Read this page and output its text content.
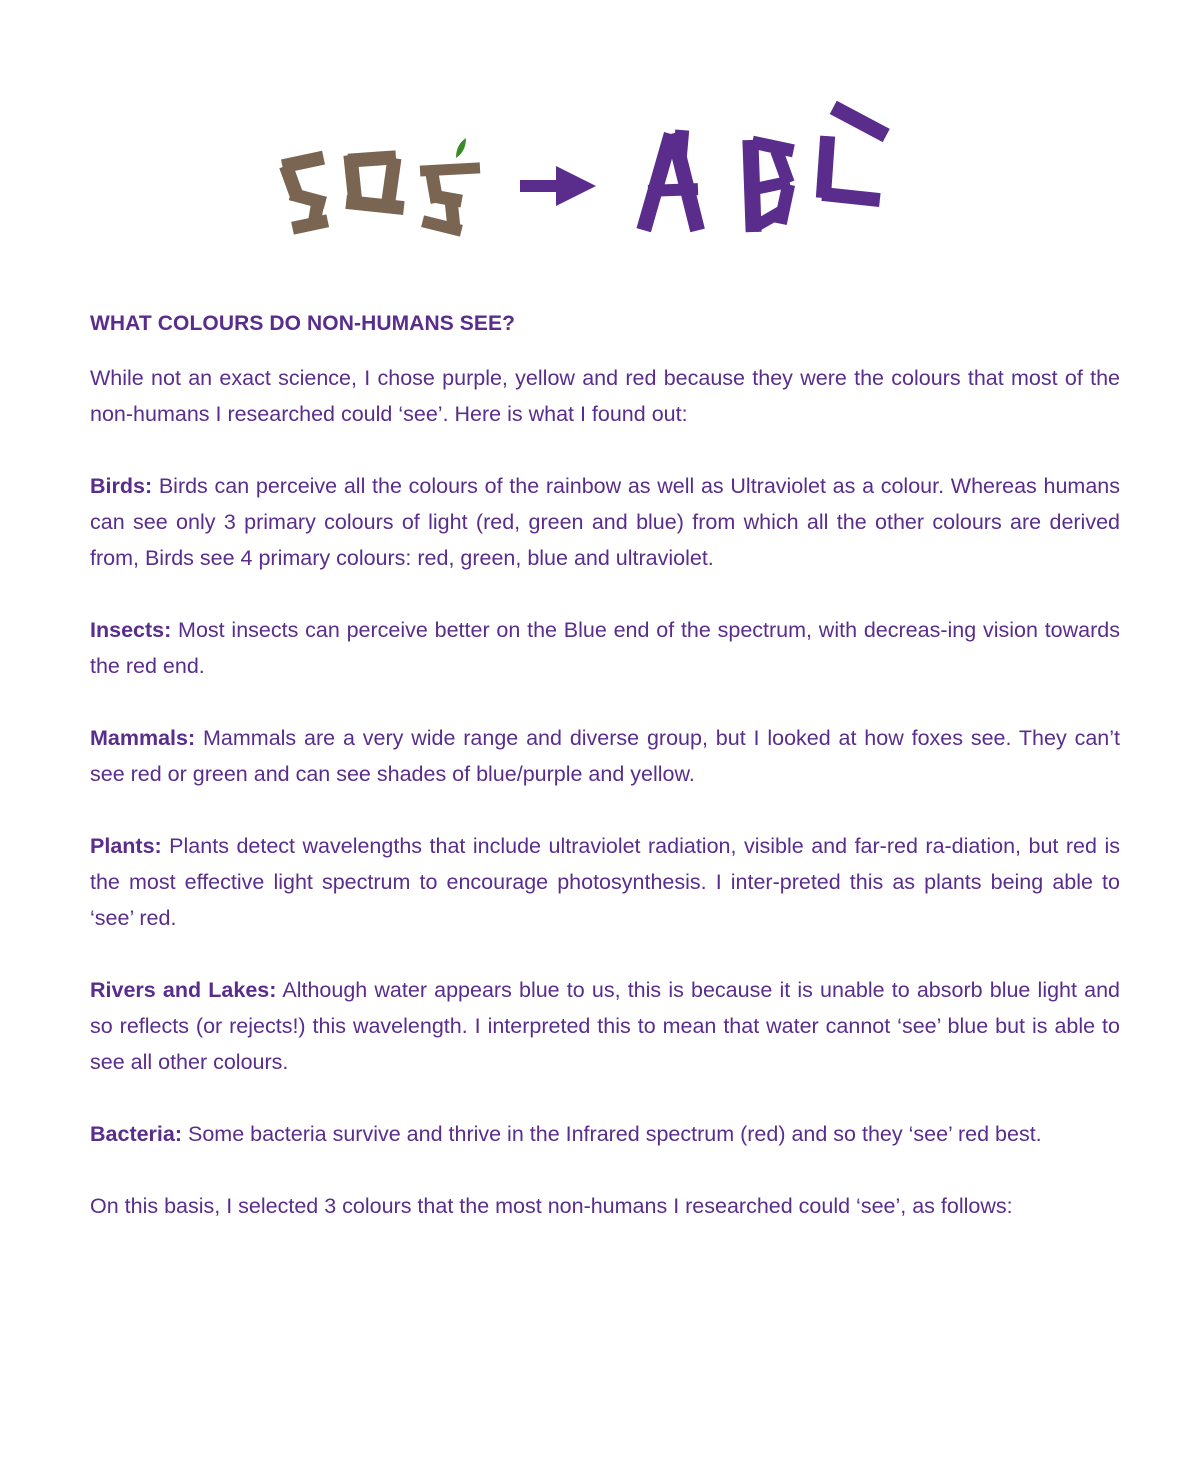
WHAT COLOURS DO NON-HUMANS SEE?

While not an exact science, I chose purple, yellow and red because they were the colours that most of the non-humans I researched could ‘see’. Here is what I found out:

Birds: Birds can perceive all the colours of the rainbow as well as Ultraviolet as a colour. Whereas humans can see only 3 primary colours of light (red, green and blue) from which all the other colours are derived from, Birds see 4 primary colours: red, green, blue and ultraviolet.

Insects: Most insects can perceive better on the Blue end of the spectrum, with decreas-ing vision towards the red end.

Mammals: Mammals are a very wide range and diverse group, but I looked at how foxes see. They can’t see red or green and can see shades of blue/purple and yellow.

Plants: Plants detect wavelengths that include ultraviolet radiation, visible and far-red ra-diation, but red is the most effective light spectrum to encourage photosynthesis. I inter-preted this as plants being able to ‘see’ red.

Rivers and Lakes: Although water appears blue to us, this is because it is unable to absorb blue light and so reflects (or rejects!) this wavelength. I interpreted this to mean that water cannot ‘see’ blue but is able to see all other colours.

Bacteria: Some bacteria survive and thrive in the Infrared spectrum (red) and so they ‘see’ red best.

On this basis, I selected 3 colours that the most non-humans I researched could ‘see’, as follows:
